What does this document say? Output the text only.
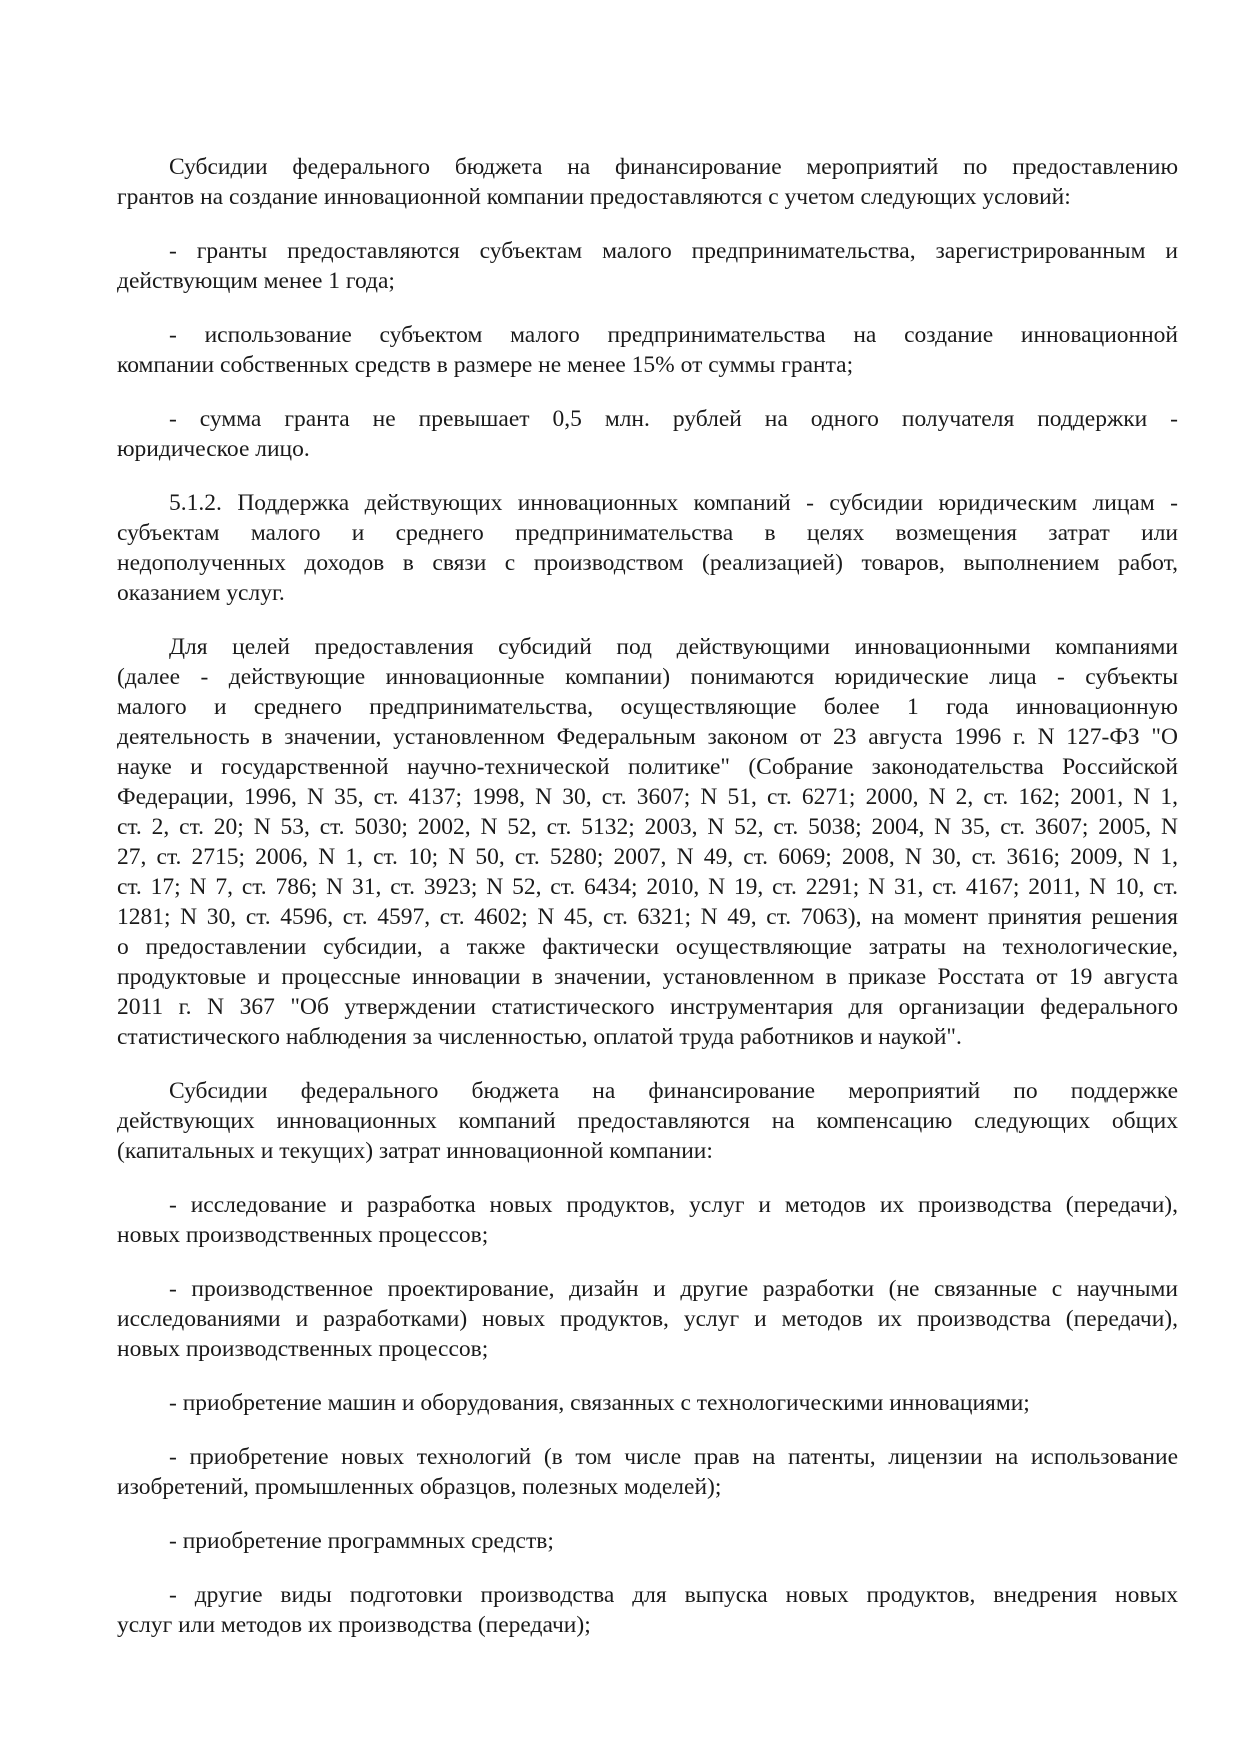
Субсидии федерального бюджета на финансирование мероприятий по предоставлению
грантов на создание инновационной компании предоставляются с учетом следующих условий:
- гранты предоставляются субъектам малого предпринимательства, зарегистрированным и
действующим менее 1 года;
- использование субъектом малого предпринимательства на создание инновационной
компании собственных средств в размере не менее 15% от суммы гранта;
- сумма гранта не превышает 0,5 млн. рублей на одного получателя поддержки -
юридическое лицо.
5.1.2. Поддержка действующих инновационных компаний - субсидии юридическим лицам -
субъектам малого и среднего предпринимательства в целях возмещения затрат или
недополученных доходов в связи с производством (реализацией) товаров, выполнением работ,
оказанием услуг.
Для целей предоставления субсидий под действующими инновационными компаниями
(далее - действующие инновационные компании) понимаются юридические лица - субъекты
малого и среднего предпринимательства, осуществляющие более 1 года инновационную
деятельность в значении, установленном Федеральным законом от 23 августа 1996 г. N 127-ФЗ "О
науке и государственной научно-технической политике" (Собрание законодательства Российской
Федерации, 1996, N 35, ст. 4137; 1998, N 30, ст. 3607; N 51, ст. 6271; 2000, N 2, ст. 162; 2001, N 1,
ст. 2, ст. 20; N 53, ст. 5030; 2002, N 52, ст. 5132; 2003, N 52, ст. 5038; 2004, N 35, ст. 3607; 2005, N
27, ст. 2715; 2006, N 1, ст. 10; N 50, ст. 5280; 2007, N 49, ст. 6069; 2008, N 30, ст. 3616; 2009, N 1,
ст. 17; N 7, ст. 786; N 31, ст. 3923; N 52, ст. 6434; 2010, N 19, ст. 2291; N 31, ст. 4167; 2011, N 10, ст.
1281; N 30, ст. 4596, ст. 4597, ст. 4602; N 45, ст. 6321; N 49, ст. 7063), на момент принятия решения
о предоставлении субсидии, а также фактически осуществляющие затраты на технологические,
продуктовые и процессные инновации в значении, установленном в приказе Росстата от 19 августа
2011 г. N 367 "Об утверждении статистического инструментария для организации федерального
статистического наблюдения за численностью, оплатой труда работников и наукой".
Субсидии федерального бюджета на финансирование мероприятий по поддержке
действующих инновационных компаний предоставляются на компенсацию следующих общих
(капитальных и текущих) затрат инновационной компании:
- исследование и разработка новых продуктов, услуг и методов их производства (передачи),
новых производственных процессов;
- производственное проектирование, дизайн и другие разработки (не связанные с научными
исследованиями и разработками) новых продуктов, услуг и методов их производства (передачи),
новых производственных процессов;
- приобретение машин и оборудования, связанных с технологическими инновациями;
- приобретение новых технологий (в том числе прав на патенты, лицензии на использование
изобретений, промышленных образцов, полезных моделей);
- приобретение программных средств;
- другие виды подготовки производства для выпуска новых продуктов, внедрения новых
услуг или методов их производства (передачи);
